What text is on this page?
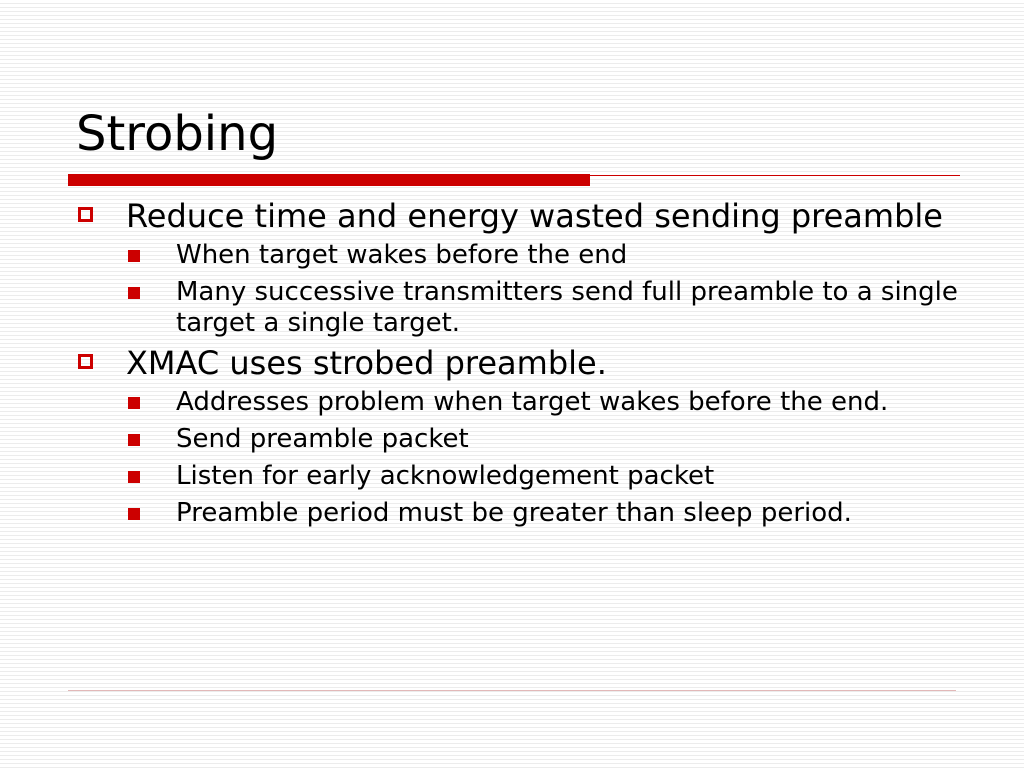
Strobing
Reduce time and energy wasted sending preamble
When target wakes before the end
Many successive transmitters send full preamble to a single target a single target.
XMAC uses strobed preamble.
Addresses problem when target wakes before the end.
Send preamble packet
Listen for early acknowledgement packet
Preamble period must be greater than sleep period.
